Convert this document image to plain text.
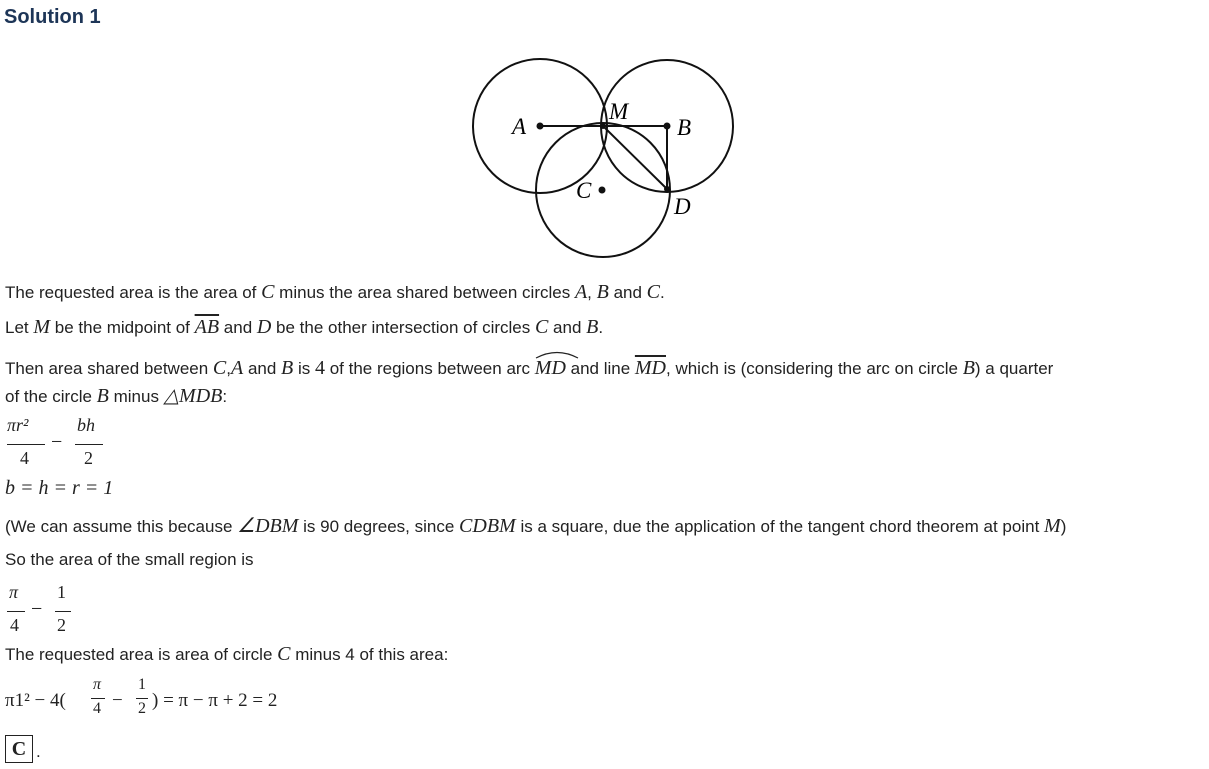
Solution 1
A
M
B
C
D
The requested area is the area of C minus the area shared between circles A, B and C.
Let M be the midpoint of $\overline{AB}$ and D be the other intersection of circles C and B.
Then area shared between C,A and B is 4 of the regions between arc MD
and line $\overline{MD}$, which is (considering the arc on circle B) a quarter
of the circle B minus △MDB:
πr²
4
−
bh
2
b = h = r = 1
(We can assume this because ∠DBM is 90 degrees, since CDBM is a square, due the application of the tangent chord theorem at point M)
So the area of the small region is
π
4
−
1
2
The requested area is area of circle C minus 4 of this area:
π1² − 4(
π
4 −
1
2 ) = π − π + 2 = 2
C .
